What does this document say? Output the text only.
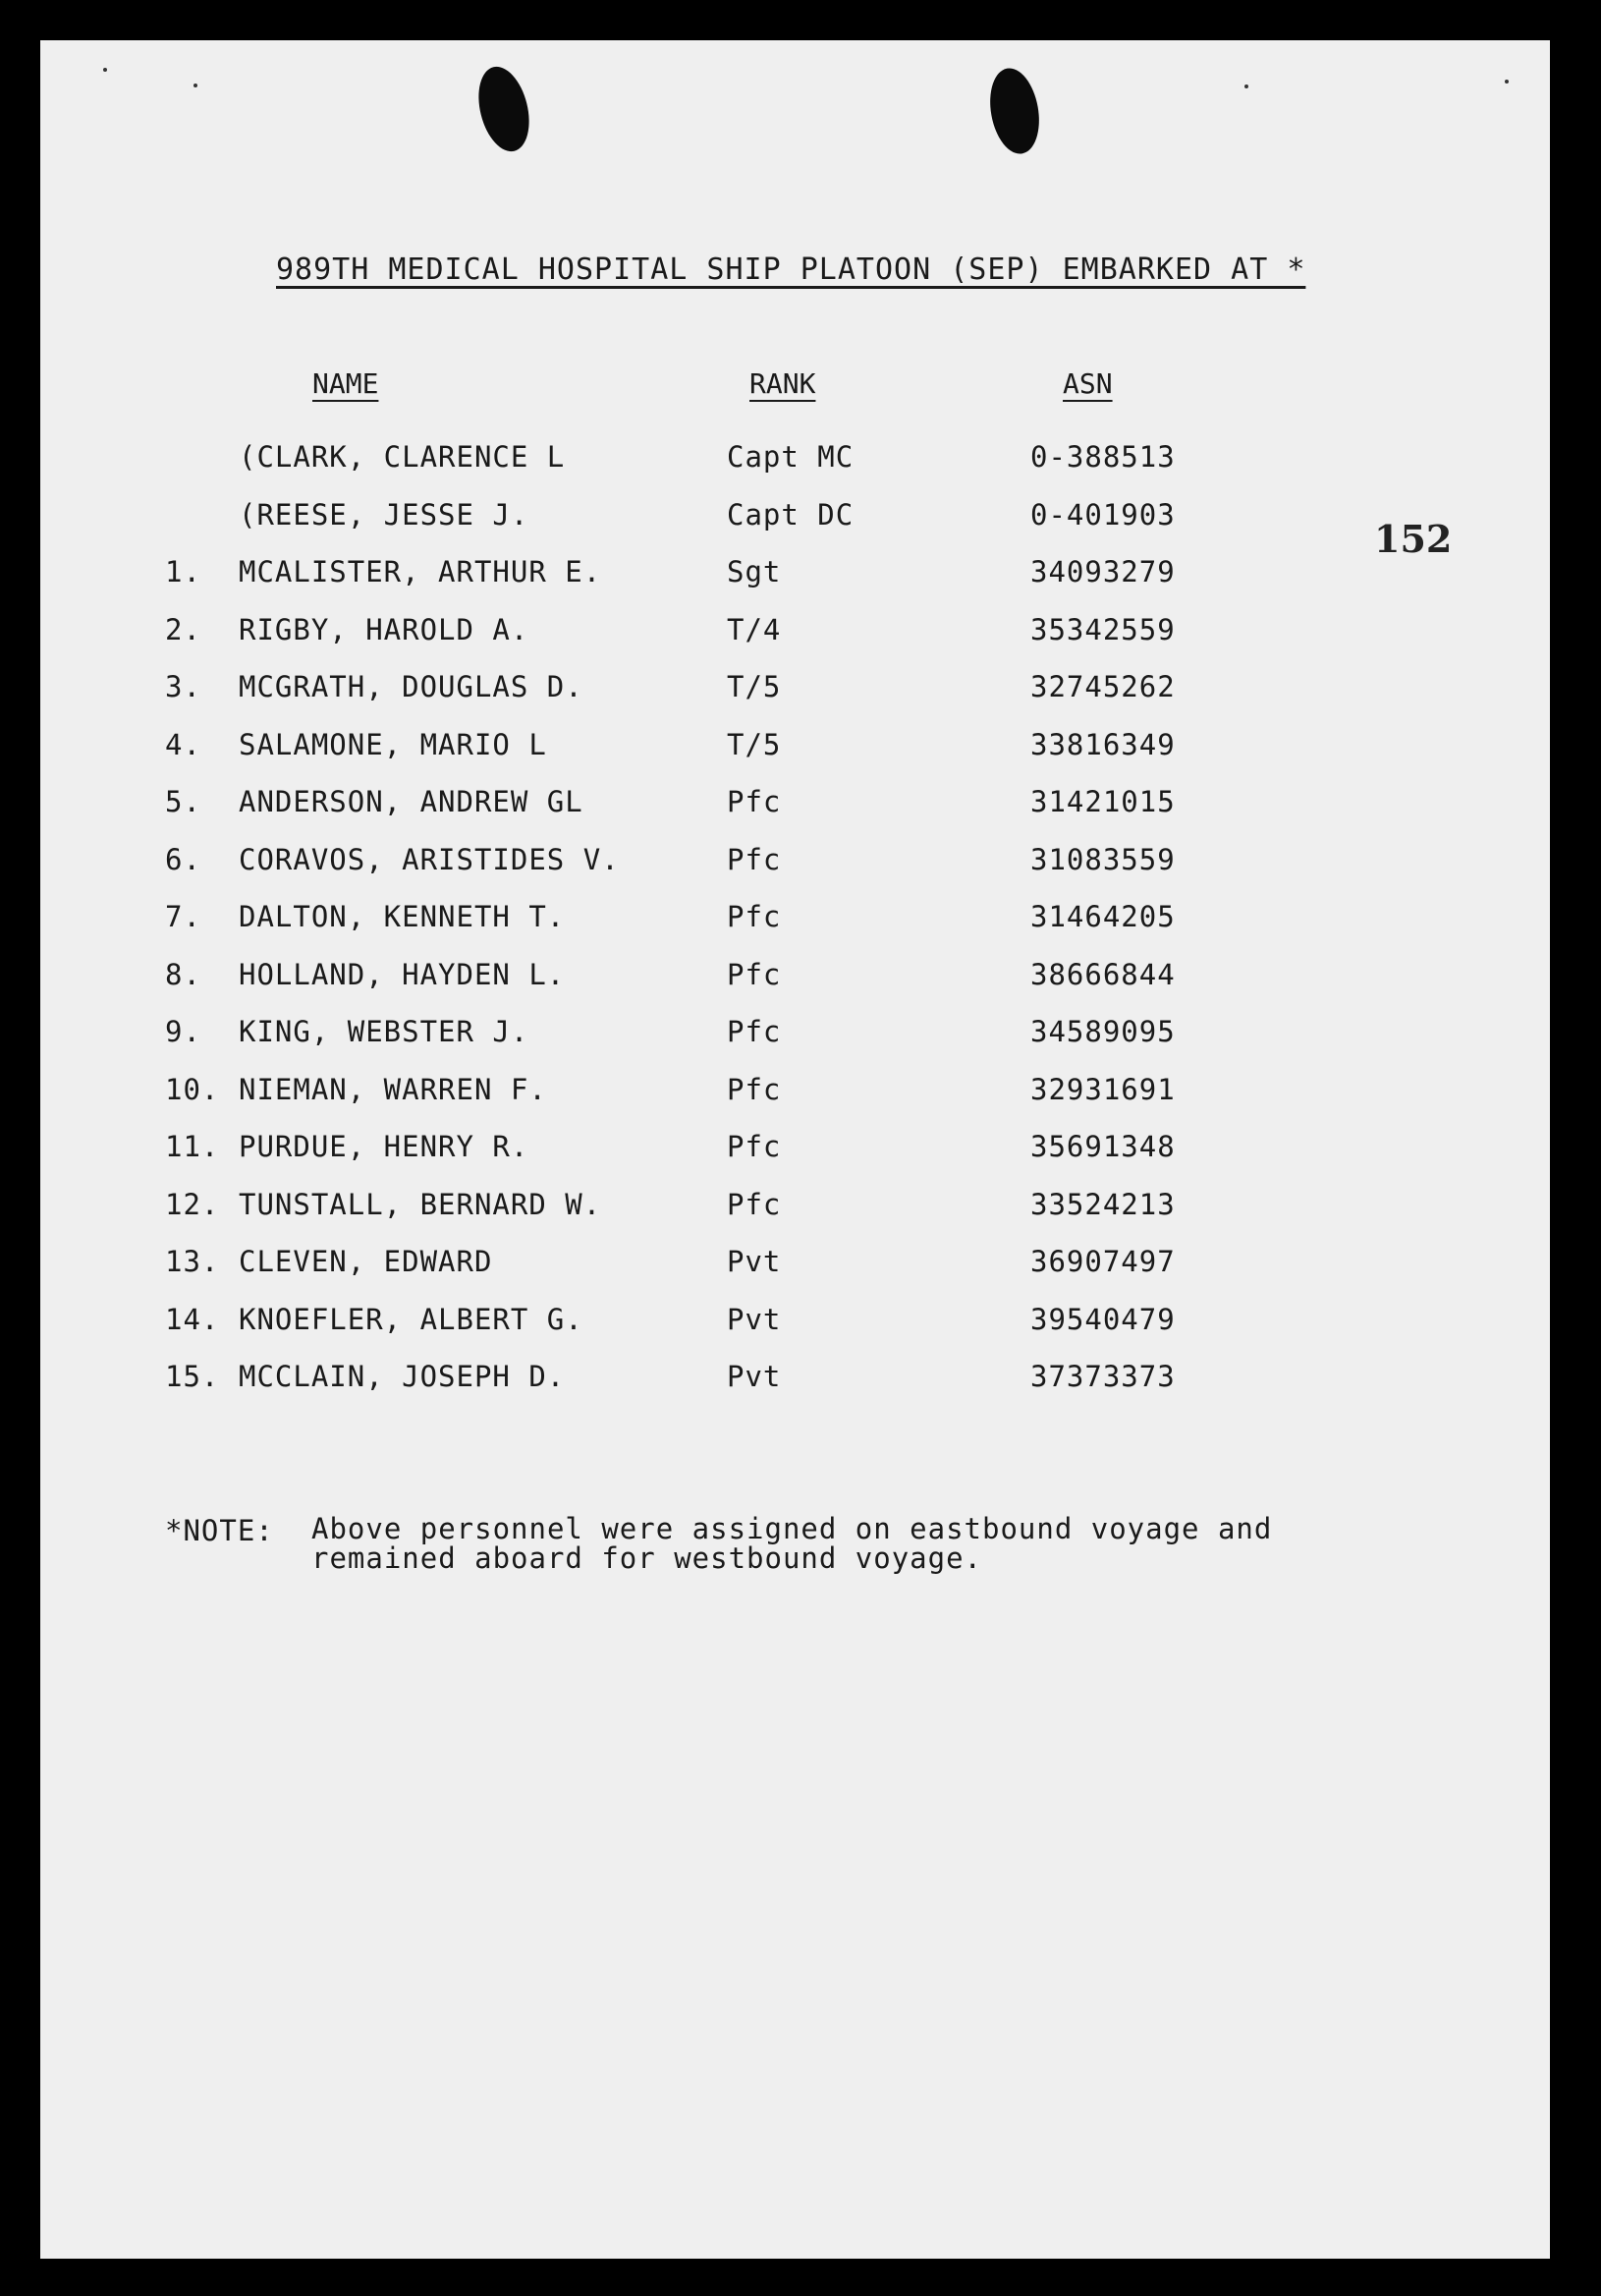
989TH MEDICAL HOSPITAL SHIP PLATOON (SEP) EMBARKED AT *
152
NAME	RANK	ASN
(CLARK, CLARENCE L	Capt MC	0-388513
(REESE, JESSE J.	Capt DC	0-401903
1. MCALISTER, ARTHUR E.	Sgt	34093279
2. RIGBY, HAROLD A.	T/4	35342559
3. MCGRATH, DOUGLAS D.	T/5	32745262
4. SALAMONE, MARIO L	T/5	33816349
5. ANDERSON, ANDREW GL	Pfc	31421015
6. CORAVOS, ARISTIDES V.	Pfc	31083559
7. DALTON, KENNETH T.	Pfc	31464205
8. HOLLAND, HAYDEN L.	Pfc	38666844
9. KING, WEBSTER J.	Pfc	34589095
10. NIEMAN, WARREN F.	Pfc	32931691
11. PURDUE, HENRY R.	Pfc	35691348
12. TUNSTALL, BERNARD W.	Pfc	33524213
13. CLEVEN, EDWARD	Pvt	36907497
14. KNOEFLER, ALBERT G.	Pvt	39540479
15. MCCLAIN, JOSEPH D.	Pvt	37373373
*NOTE: Above personnel were assigned on eastbound voyage and remained aboard for westbound voyage.
